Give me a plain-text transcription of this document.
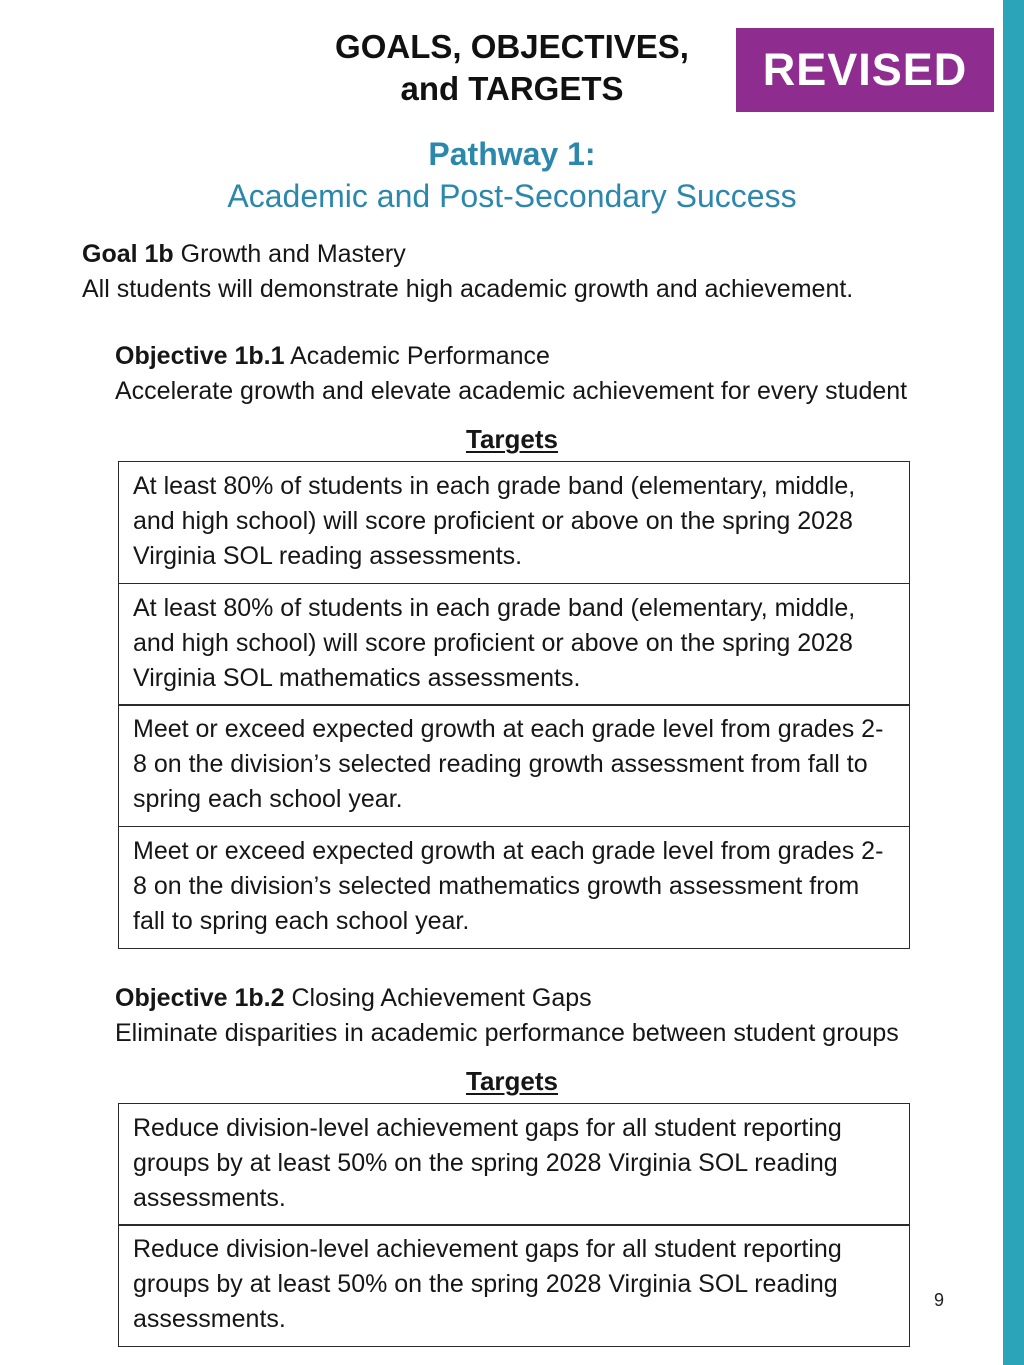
GOALS, OBJECTIVES,
and TARGETS	REVISED
Pathway 1:
Academic and Post-Secondary Success
Goal 1b Growth and Mastery
All students will demonstrate high academic growth and achievement.
Objective 1b.1 Academic Performance
Accelerate growth and elevate academic achievement for every student
Targets
At least 80% of students in each grade band (elementary, middle, and high school) will score proficient or above on the spring 2028 Virginia SOL reading assessments.
At least 80% of students in each grade band (elementary, middle, and high school) will score proficient or above on the spring 2028 Virginia SOL mathematics assessments.
Meet or exceed expected growth at each grade level from grades 2-8 on the division’s selected reading growth assessment from fall to spring each school year.
Meet or exceed expected growth at each grade level from grades 2-8 on the division’s selected mathematics growth assessment from fall to spring each school year.
Objective 1b.2 Closing Achievement Gaps
Eliminate disparities in academic performance between student groups
Targets
Reduce division-level achievement gaps for all student reporting groups by at least 50% on the spring 2028 Virginia SOL reading assessments.
Reduce division-level achievement gaps for all student reporting groups by at least 50% on the spring 2028 Virginia SOL reading assessments.
9
